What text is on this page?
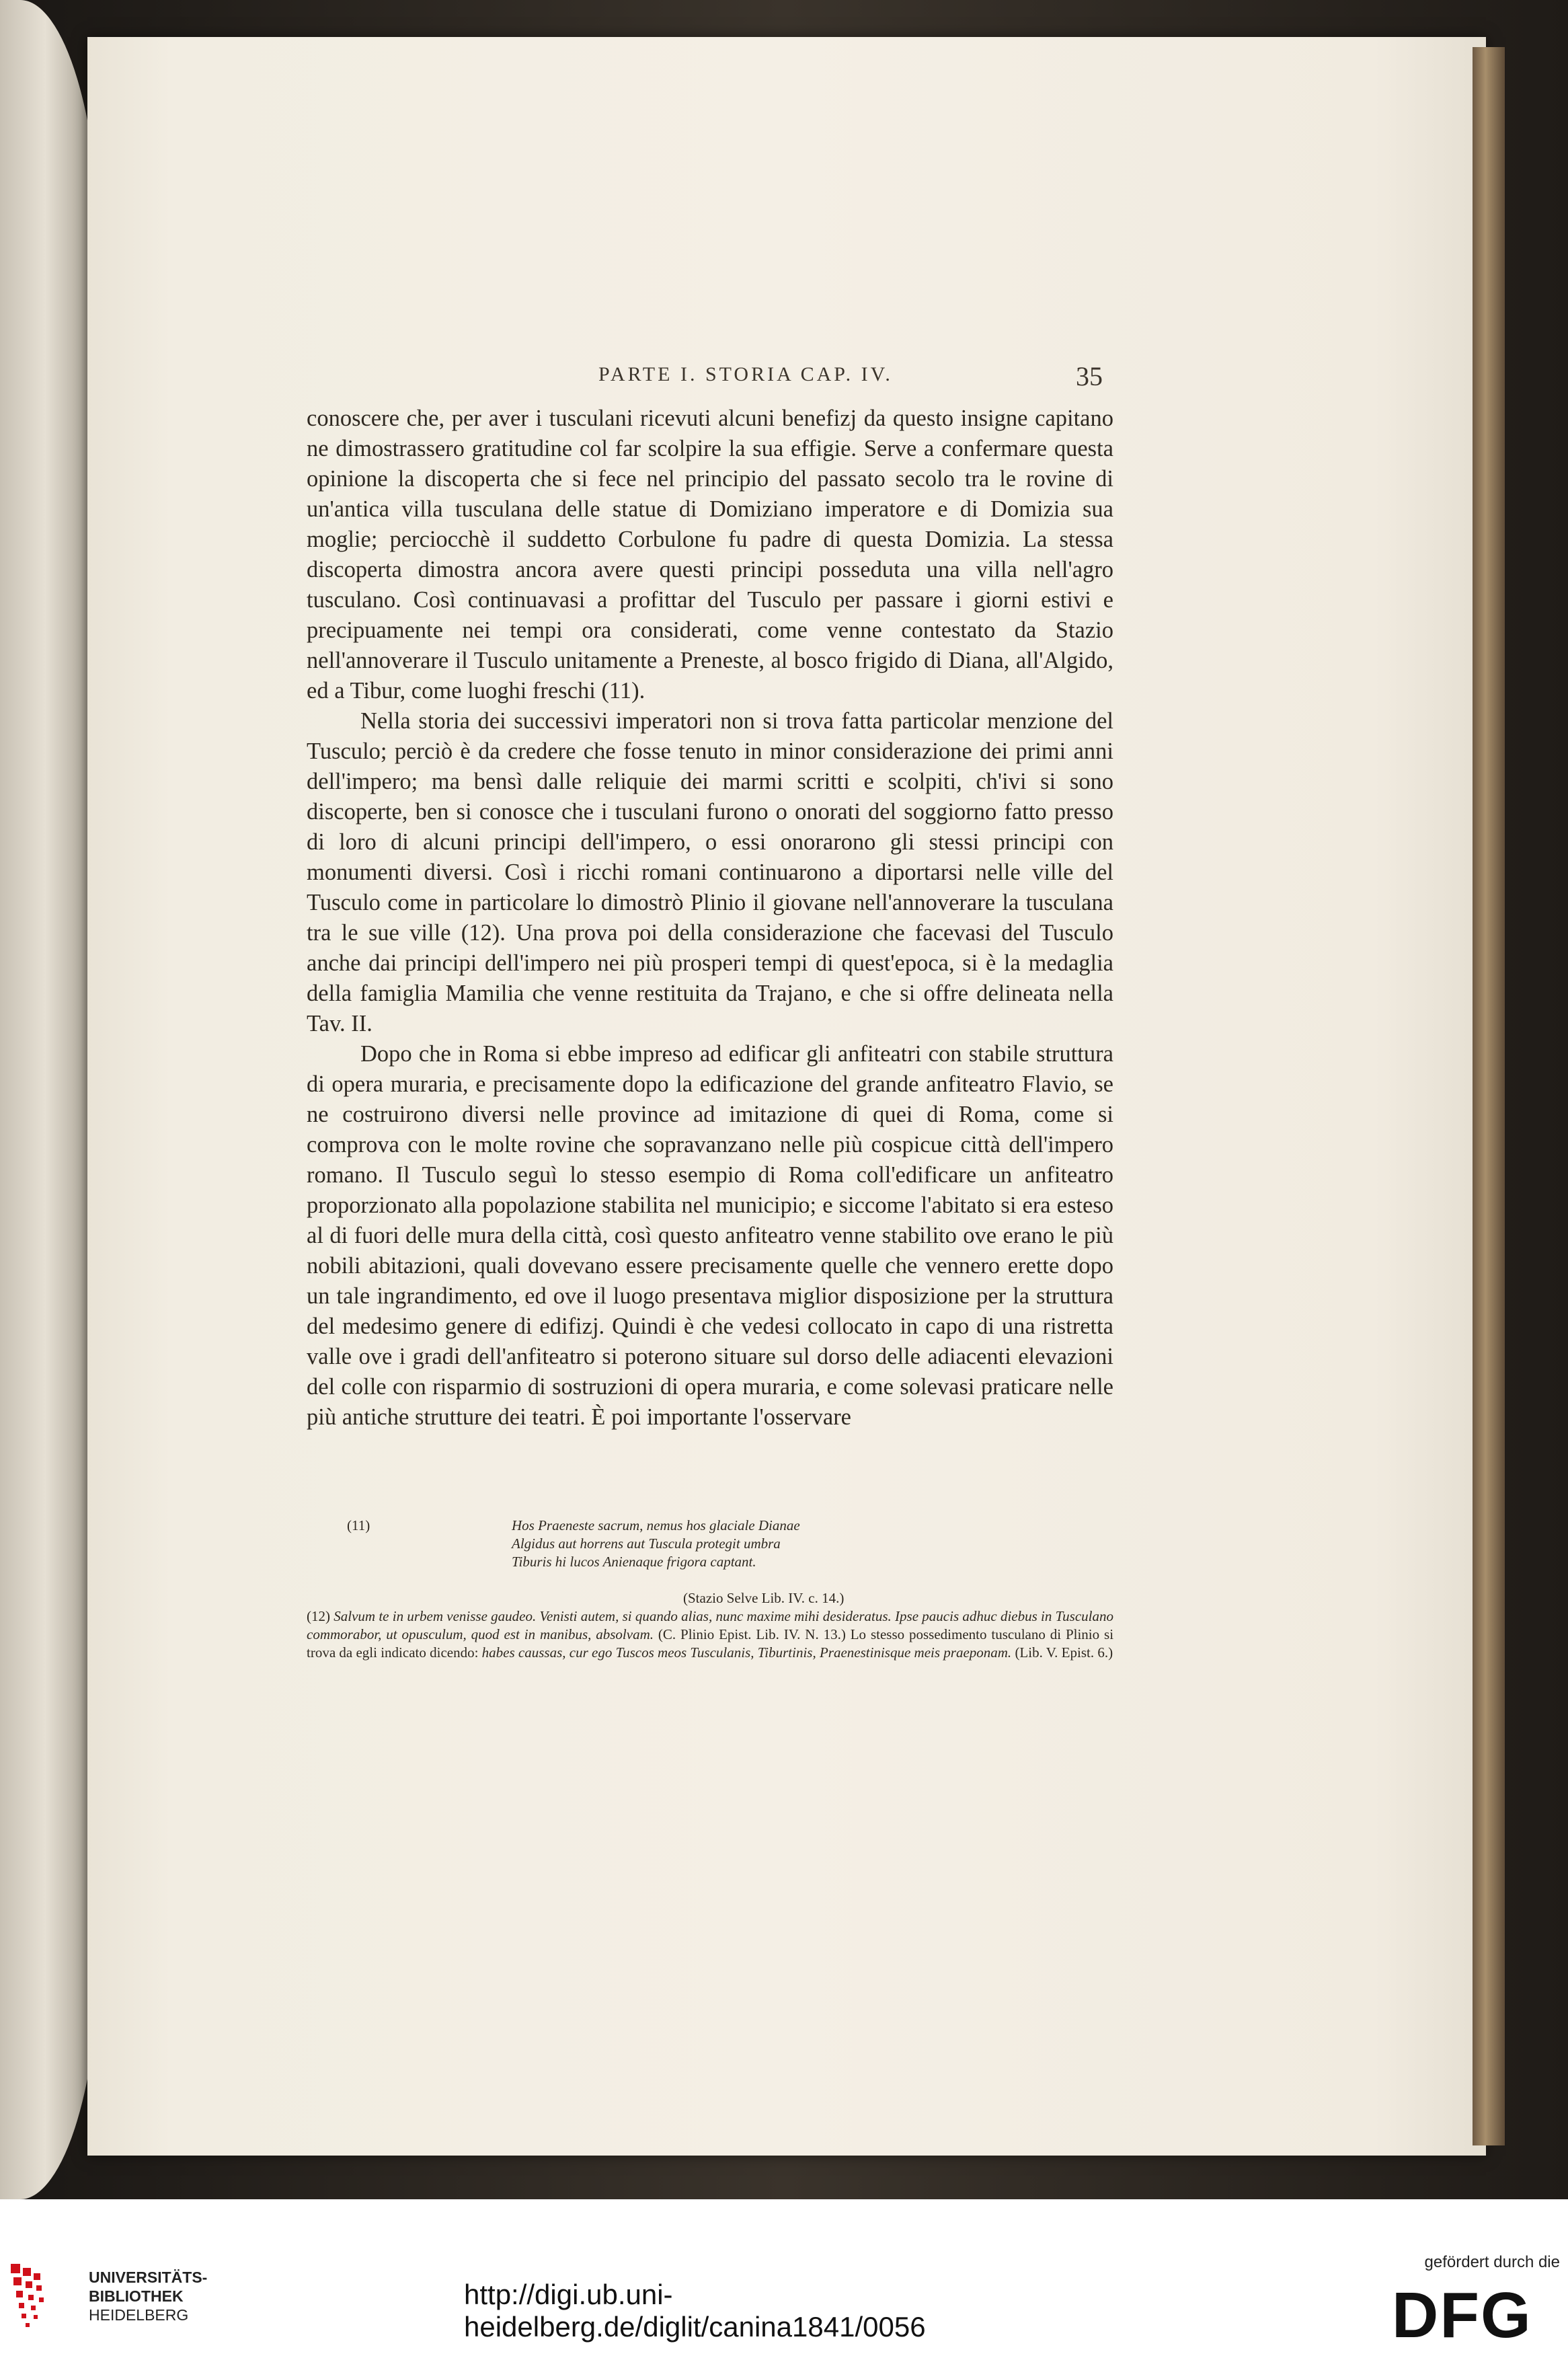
PARTE I. STORIA CAP. IV.	35

conoscere che, per aver i tusculani ricevuti alcuni benefizj da questo insigne capitano ne dimostrassero gratitudine col far scolpire la sua effigie. Serve a confermare questa opinione la discoperta che si fece nel principio del passato secolo tra le rovine di un'antica villa tusculana delle statue di Domiziano imperatore e di Domizia sua moglie; perciocchè il suddetto Corbulone fu padre di questa Domizia. La stessa discoperta dimostra ancora avere questi principi posseduta una villa nell'agro tusculano. Così continuavasi a profittar del Tusculo per passare i giorni estivi e precipuamente nei tempi ora considerati, come venne contestato da Stazio nell'annoverare il Tusculo unitamente a Preneste, al bosco frigido di Diana, all'Algido, ed a Tibur, come luoghi freschi (11).

Nella storia dei successivi imperatori non si trova fatta particolar menzione del Tusculo; perciò è da credere che fosse tenuto in minor considerazione dei primi anni dell'impero; ma bensì dalle reliquie dei marmi scritti e scolpiti, ch'ivi si sono discoperte, ben si conosce che i tusculani furono o onorati del soggiorno fatto presso di loro di alcuni principi dell'impero, o essi onorarono gli stessi principi con monumenti diversi. Così i ricchi romani continuarono a diportarsi nelle ville del Tusculo come in particolare lo dimostrò Plinio il giovane nell'annoverare la tusculana tra le sue ville (12). Una prova poi della considerazione che facevasi del Tusculo anche dai principi dell'impero nei più prosperi tempi di quest'epoca, si è la medaglia della famiglia Mamilia che venne restituita da Trajano, e che si offre delineata nella Tav. II.

Dopo che in Roma si ebbe impreso ad edificar gli anfiteatri con stabile struttura di opera muraria, e precisamente dopo la edificazione del grande anfiteatro Flavio, se ne costruirono diversi nelle province ad imitazione di quei di Roma, come si comprova con le molte rovine che sopravanzano nelle più cospicue città dell'impero romano. Il Tusculo seguì lo stesso esempio di Roma coll'edificare un anfiteatro proporzionato alla popolazione stabilita nel municipio; e siccome l'abitato si era esteso al di fuori delle mura della città, così questo anfiteatro venne stabilito ove erano le più nobili abitazioni, quali dovevano essere precisamente quelle che vennero erette dopo un tale ingrandimento, ed ove il luogo presentava miglior disposizione per la struttura del medesimo genere di edifizj. Quindi è che vedesi collocato in capo di una ristretta valle ove i gradi dell'anfiteatro si poterono situare sul dorso delle adiacenti elevazioni del colle con risparmio di sostruzioni di opera muraria, e come solevasi praticare nelle più antiche strutture dei teatri. È poi importante l'osservare

(11)	Hos Praeneste sacrum, nemus hos glaciale Dianae
Algidus aut horrens aut Tuscula protegit umbra
Tiburis hi lucos Anienaque frigora captant.
(Stazio Selve Lib. IV. c. 14.)
(12) Salvum te in urbem venisse gaudeo. Venisti autem, si quando alias, nunc maxime mihi desideratus. Ipse paucis adhuc diebus in Tusculano commorabor, ut opusculum, quod est in manibus, absolvam. (C. Plinio Epist. Lib. IV. N. 13.) Lo stesso possedimento tusculano di Plinio si trova da egli indicato dicendo: habes caussas, cur ego Tuscos meos Tusculanis, Tiburtinis, Praenestinisque meis praeponam. (Lib. V. Epist. 6.)
UNIVERSITÄTS-
BIBLIOTHEK
HEIDELBERG
http://digi.ub.uni-heidelberg.de/diglit/canina1841/0056
gefördert durch die
DFG
